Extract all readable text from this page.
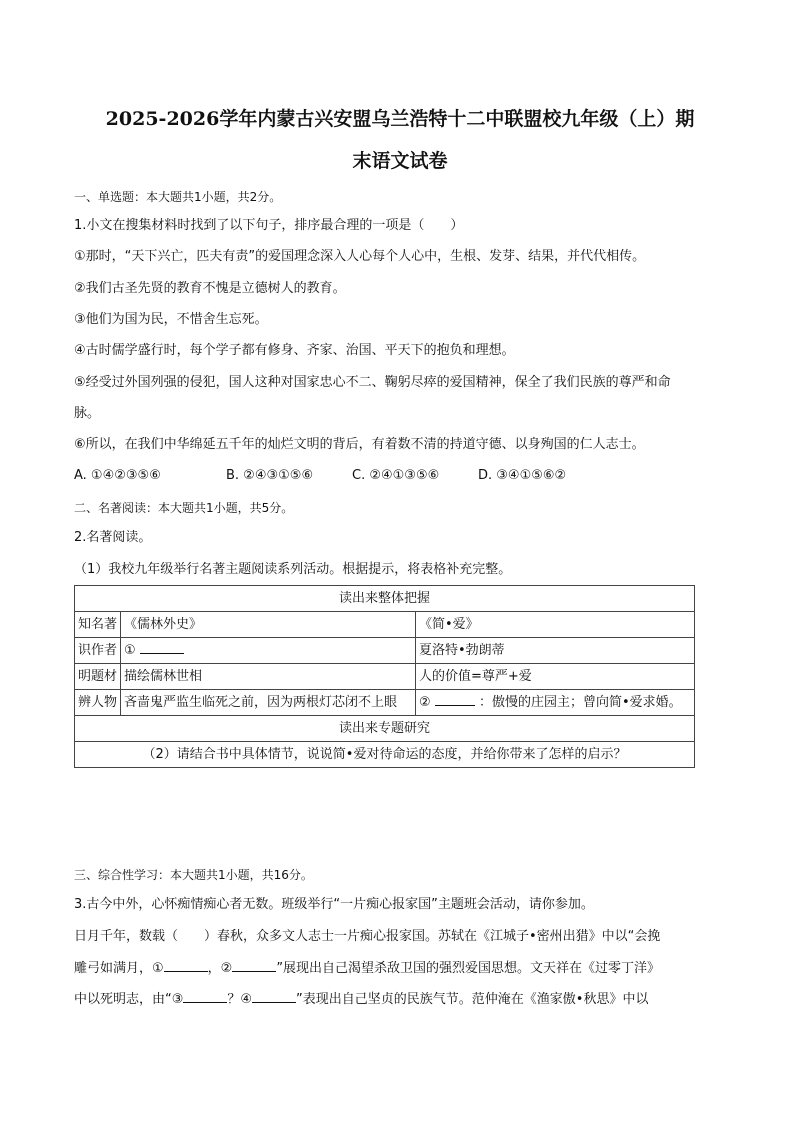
2025-2026学年内蒙古兴安盟乌兰浩特十二中联盟校九年级（上）期
末语文试卷
一、单选题：本大题共1小题，共2分。
1.小文在搜集材料时找到了以下句子，排序最合理的一项是（　　）
①那时，“天下兴亡，匹夫有责”的爱国理念深入人心每个人心中，生根、发芽、结果，并代代相传。
②我们古圣先贤的教育不愧是立德树人的教育。
③他们为国为民，不惜舍生忘死。
④古时儒学盛行时，每个学子都有修身、齐家、治国、平天下的抱负和理想。
⑤经受过外国列强的侵犯，国人这种对国家忠心不二、鞠躬尽瘁的爱国精神，保全了我们民族的尊严和命
脉。
⑥所以，在我们中华绵延五千年的灿烂文明的背后，有着数不清的持道守德、以身殉国的仁人志士。
A. ①④②③⑤⑥	B. ②④③①⑤⑥	C. ②④①③⑤⑥	D. ③④①⑤⑥②
二、名著阅读：本大题共1小题，共5分。
2.名著阅读。
（1）我校九年级举行名著主题阅读系列活动。根据提示，将表格补充完整。
读出来整体把握		
知名著	《儒林外史》	《简•爱》
识作者	①	夏洛特•勃朗蒂
明题材	描绘儒林世相	人的价值=尊严+爱
辨人物	吝啬鬼严监生临死之前，因为两根灯芯闭不上眼	② ：傲慢的庄园主；曾向简•爱求婚。
读出来专题研究		
（2）请结合书中具体情节，说说简•爱对待命运的态度，并给你带来了怎样的启示？		
三、综合性学习：本大题共1小题，共16分。
3.古今中外，心怀痴情痴心者无数。班级举行“一片痴心报家国”主题班会活动，请你参加。
日月千年，数载（　　）春秋，众多文人志士一片痴心报家国。苏轼在《江城子•密州出猎》中以“会挽
雕弓如满月，①	，②	”展现出自己渴望杀敌卫国的强烈爱国思想。文天祥在《过零丁洋》
中以死明志，由“③	？④	”表现出自己坚贞的民族气节。范仲淹在《渔家傲•秋思》中以
